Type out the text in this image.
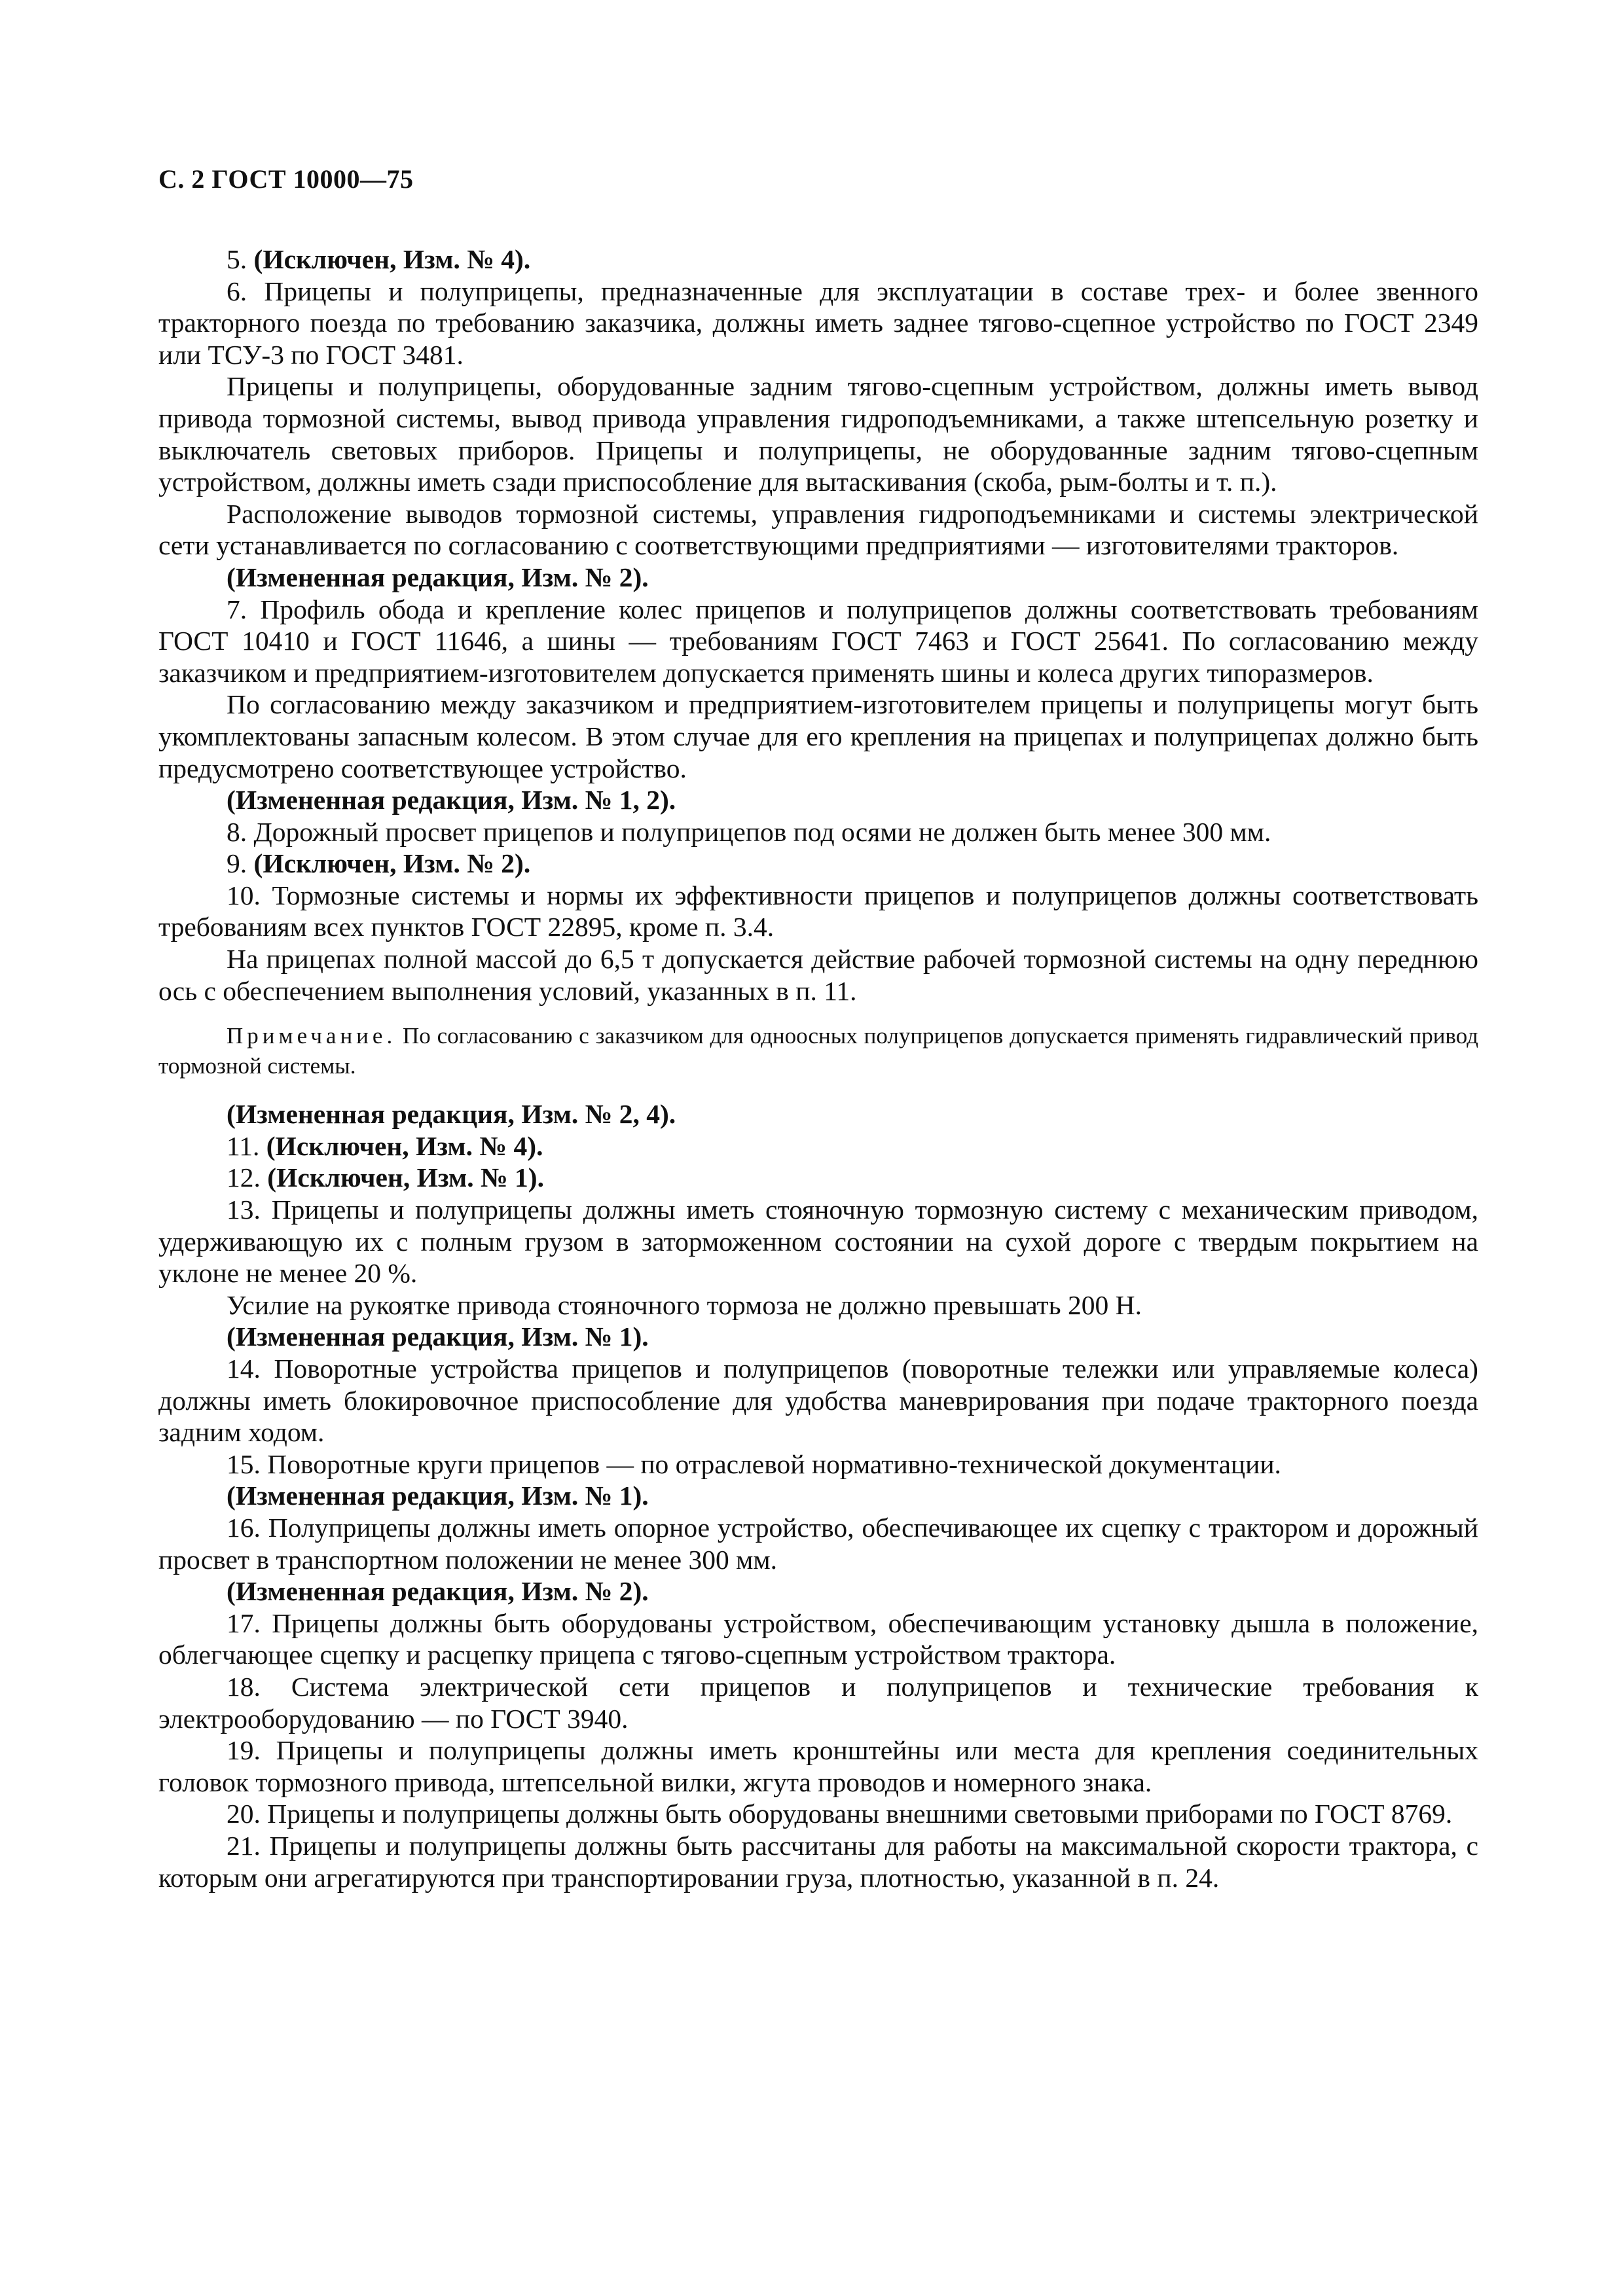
С. 2 ГОСТ 10000—75

5. (Исключен, Изм. № 4).

6. Прицепы и полуприцепы, предназначенные для эксплуатации в составе трех- и более звенного тракторного поезда по требованию заказчика, должны иметь заднее тягово-сцепное устройство по ГОСТ 2349 или ТСУ-3 по ГОСТ 3481.

Прицепы и полуприцепы, оборудованные задним тягово-сцепным устройством, должны иметь вывод привода тормозной системы, вывод привода управления гидроподъемниками, а также штепсельную розетку и выключатель световых приборов. Прицепы и полуприцепы, не оборудованные задним тягово-сцепным устройством, должны иметь сзади приспособление для вытаскивания (скоба, рым-болты и т. п.).

Расположение выводов тормозной системы, управления гидроподъемниками и системы электрической сети устанавливается по согласованию с соответствующими предприятиями — изготовителями тракторов.

(Измененная редакция, Изм. № 2).

7. Профиль обода и крепление колес прицепов и полуприцепов должны соответствовать требованиям ГОСТ 10410 и ГОСТ 11646, а шины — требованиям ГОСТ 7463 и ГОСТ 25641. По согласованию между заказчиком и предприятием-изготовителем допускается применять шины и колеса других типоразмеров.

По согласованию между заказчиком и предприятием-изготовителем прицепы и полуприцепы могут быть укомплектованы запасным колесом. В этом случае для его крепления на прицепах и полуприцепах должно быть предусмотрено соответствующее устройство.

(Измененная редакция, Изм. № 1, 2).

8. Дорожный просвет прицепов и полуприцепов под осями не должен быть менее 300 мм.

9. (Исключен, Изм. № 2).

10. Тормозные системы и нормы их эффективности прицепов и полуприцепов должны соответствовать требованиям всех пунктов ГОСТ 22895, кроме п. 3.4.

На прицепах полной массой до 6,5 т допускается действие рабочей тормозной системы на одну переднюю ось с обеспечением выполнения условий, указанных в п. 11.

Примечание. По согласованию с заказчиком для одноосных полуприцепов допускается применять гидравлический привод тормозной системы.

(Измененная редакция, Изм. № 2, 4).

11. (Исключен, Изм. № 4).

12. (Исключен, Изм. № 1).

13. Прицепы и полуприцепы должны иметь стояночную тормозную систему с механическим приводом, удерживающую их с полным грузом в заторможенном состоянии на сухой дороге с твердым покрытием на уклоне не менее 20 %.

Усилие на рукоятке привода стояночного тормоза не должно превышать 200 Н.

(Измененная редакция, Изм. № 1).

14. Поворотные устройства прицепов и полуприцепов (поворотные тележки или управляемые колеса) должны иметь блокировочное приспособление для удобства маневрирования при подаче тракторного поезда задним ходом.

15. Поворотные круги прицепов — по отраслевой нормативно-технической документации.

(Измененная редакция, Изм. № 1).

16. Полуприцепы должны иметь опорное устройство, обеспечивающее их сцепку с трактором и дорожный просвет в транспортном положении не менее 300 мм.

(Измененная редакция, Изм. № 2).

17. Прицепы должны быть оборудованы устройством, обеспечивающим установку дышла в положение, облегчающее сцепку и расцепку прицепа с тягово-сцепным устройством трактора.

18. Система электрической сети прицепов и полуприцепов и технические требования к электрооборудованию — по ГОСТ 3940.

19. Прицепы и полуприцепы должны иметь кронштейны или места для крепления соединительных головок тормозного привода, штепсельной вилки, жгута проводов и номерного знака.

20. Прицепы и полуприцепы должны быть оборудованы внешними световыми приборами по ГОСТ 8769.

21. Прицепы и полуприцепы должны быть рассчитаны для работы на максимальной скорости трактора, с которым они агрегатируются при транспортировании груза, плотностью, указанной в п. 24.
